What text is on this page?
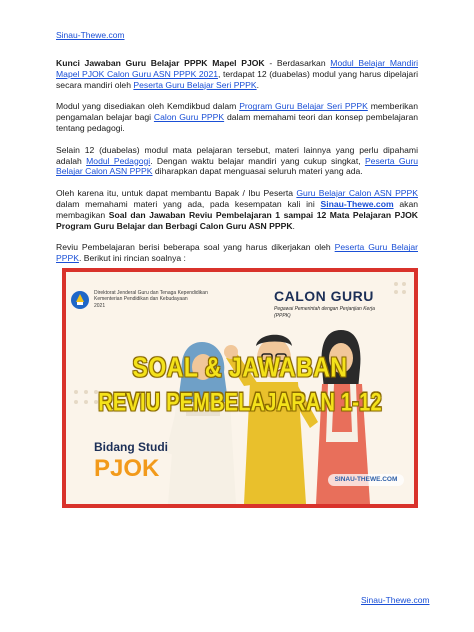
Sinau-Thewe.com

Kunci Jawaban Guru Belajar PPPK Mapel PJOK - Berdasarkan Modul Belajar Mandiri Mapel PJOK Calon Guru ASN PPPK 2021, terdapat 12 (duabelas) modul yang harus dipelajari secara mandiri oleh Peserta Guru Belajar Seri PPPK.

Modul yang disediakan oleh Kemdikbud dalam Program Guru Belajar Seri PPPK memberikan pengamalan belajar bagi Calon Guru PPPK dalam memahami teori dan konsep pembelajaran tentang pedagogi.

Selain 12 (duabelas) modul mata pelajaran tersebut, materi lainnya yang perlu dipahami adalah Modul Pedagogi. Dengan waktu belajar mandiri yang cukup singkat, Peserta Guru Belajar Calon ASN PPPK diharapkan dapat menguasai seluruh materi yang ada.

Oleh karena itu, untuk dapat membantu Bapak / Ibu Peserta Guru Belajar Calon ASN PPPK dalam memahami materi yang ada, pada kesempatan kali ini Sinau-Thewe.com akan membagikan Soal dan Jawaban Reviu Pembelajaran 1 sampai 12 Mata Pelajaran PJOK Program Guru Belajar dan Berbagi Calon Guru ASN PPPK.

Reviu Pembelajaran berisi beberapa soal yang harus dikerjakan oleh Peserta Guru Belajar PPPK. Berikut ini rincian soalnya :

Direktorat Jenderal Guru dan Tenaga Kependidikan
Kementerian Pendidikan dan Kebudayaan
2021
CALON GURU
Pegawai Pemerintah dengan Perjanjian Kerja
(PPPK)
SOAL & JAWABAN
REVIU PEMBELAJARAN 1-12
Bidang Studi
PJOK	SINAU-THEWE.COM
Sinau-Thewe.com
